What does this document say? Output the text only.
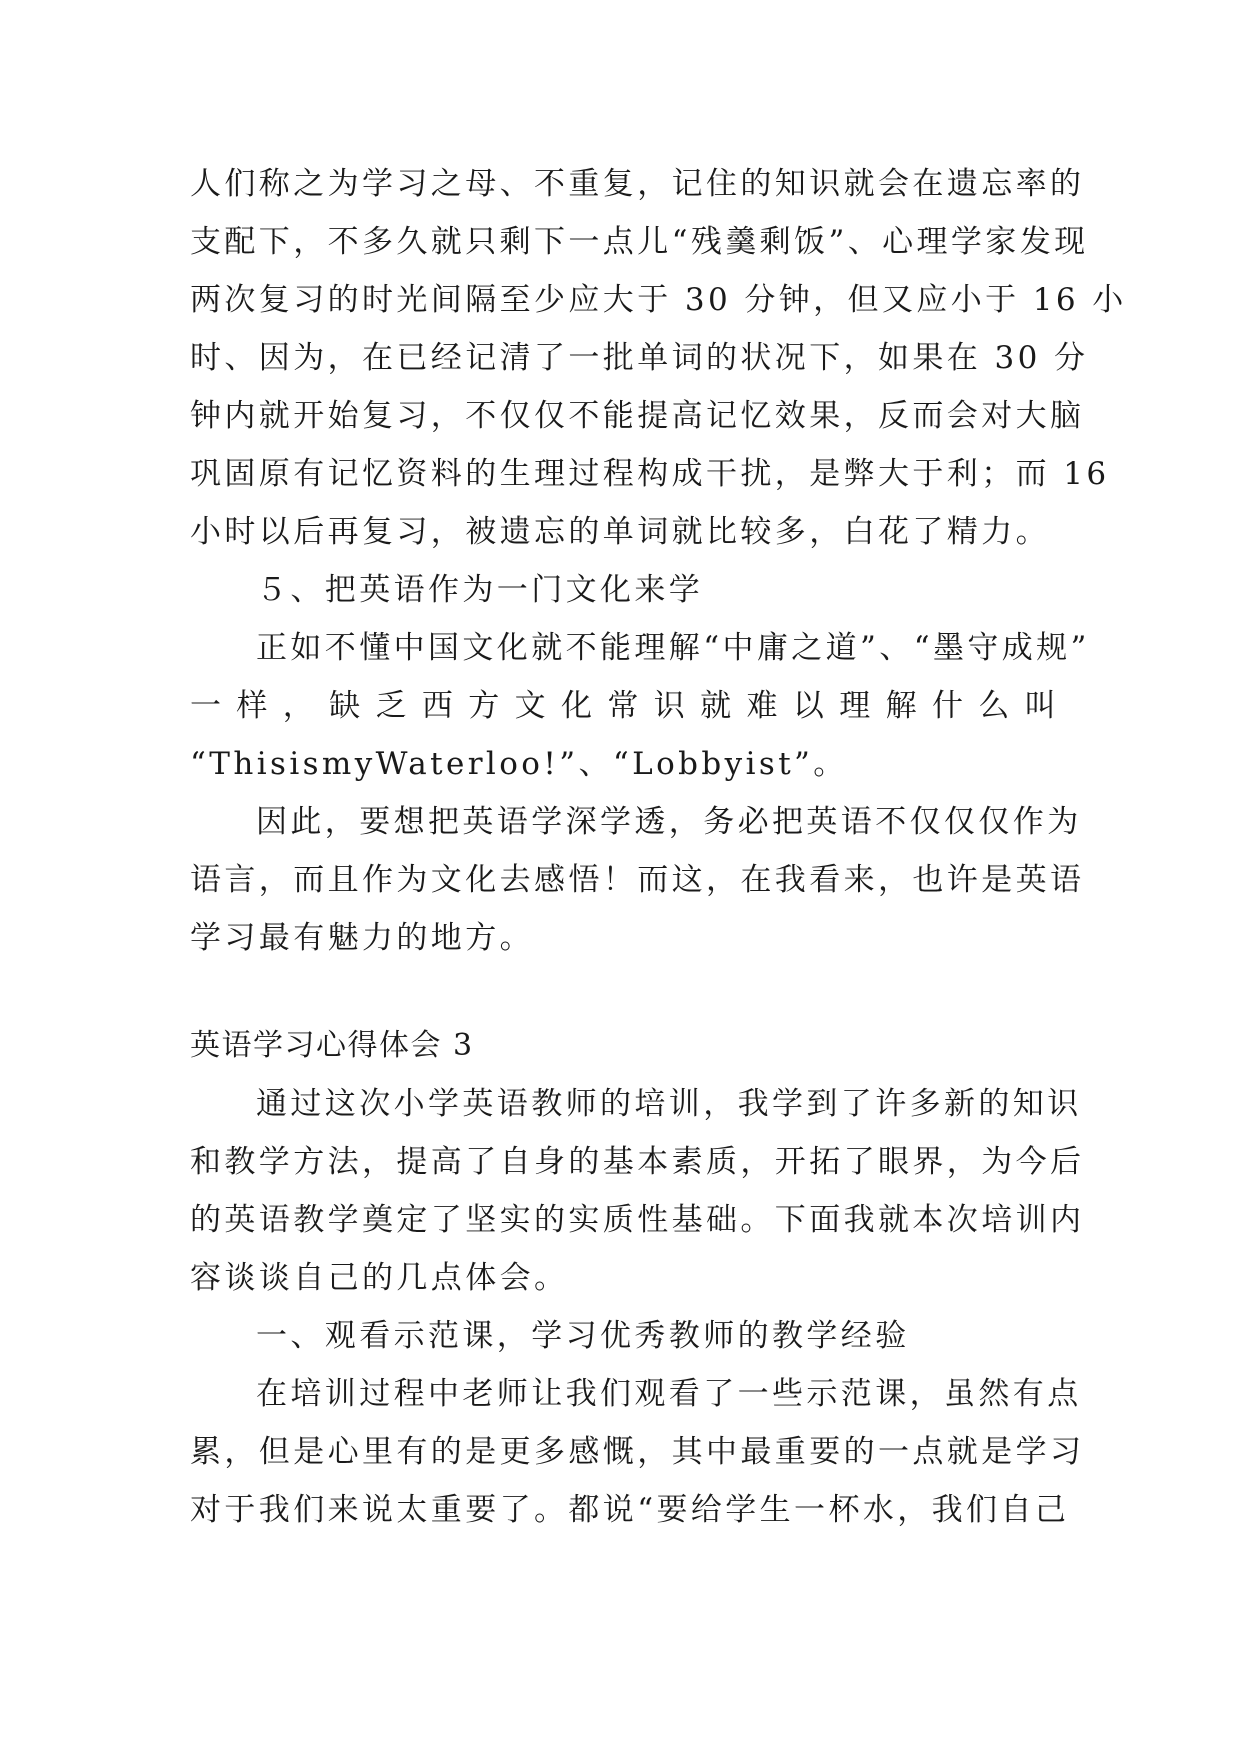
人们称之为学习之母、不重复，记住的知识就会在遗忘率的
支配下，不多久就只剩下一点儿“残羹剩饭”、心理学家发现
两次复习的时光间隔至少应大于 30 分钟，但又应小于 16 小
时、因为，在已经记清了一批单词的状况下，如果在 30 分
钟内就开始复习，不仅仅不能提高记忆效果，反而会对大脑
巩固原有记忆资料的生理过程构成干扰，是弊大于利；而 16
小时以后再复习，被遗忘的单词就比较多，白花了精力。
５、把英语作为一门文化来学
正如不懂中国文化就不能理解“中庸之道”、“墨守成规”
一 样 ， 缺 乏 西 方 文 化 常 识 就 难 以 理 解 什 么 叫
“ThisismyWaterloo!”、“Lobbyist”。
因此，要想把英语学深学透，务必把英语不仅仅仅作为
语言，而且作为文化去感悟！而这，在我看来，也许是英语
学习最有魅力的地方。
英语学习心得体会 3
通过这次小学英语教师的培训，我学到了许多新的知识
和教学方法，提高了自身的基本素质，开拓了眼界，为今后
的英语教学奠定了坚实的实质性基础。下面我就本次培训内
容谈谈自己的几点体会。
一、观看示范课，学习优秀教师的教学经验
在培训过程中老师让我们观看了一些示范课，虽然有点
累，但是心里有的是更多感慨，其中最重要的一点就是学习
对于我们来说太重要了。都说“要给学生一杯水，我们自己
